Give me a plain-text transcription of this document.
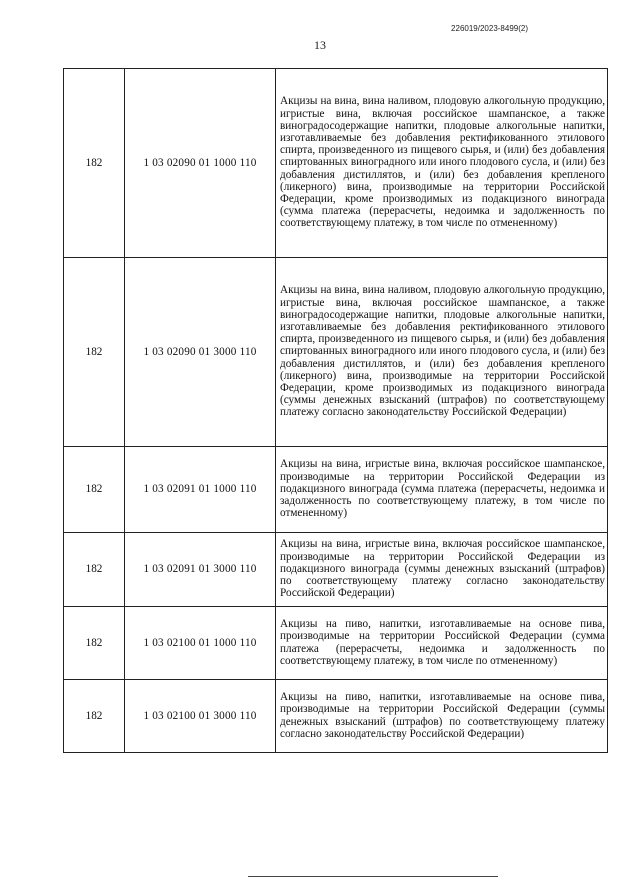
226019/2023-8499(2)
13
182	1 03 02090 01 1000 110	Акцизы на вина, вина наливом, плодовую алкогольную продукцию, игристые вина, включая российское шампанское, а также виноградосодержащие напитки, плодовые алкогольные напитки, изготавливаемые без добавления ректификованного этилового спирта, произведенного из пищевого сырья, и (или) без добавления спиртованных виноградного или иного плодового сусла, и (или) без добавления дистиллятов, и (или) без добавления крепленого (ликерного) вина, производимые на территории Российской Федерации, кроме производимых из подакцизного винограда (сумма платежа (перерасчеты, недоимка и задолженность по соответствующему платежу, в том числе по отмененному)
182	1 03 02090 01 3000 110	Акцизы на вина, вина наливом, плодовую алкогольную продукцию, игристые вина, включая российское шампанское, а также виноградосодержащие напитки, плодовые алкогольные напитки, изготавливаемые без добавления ректификованного этилового спирта, произведенного из пищевого сырья, и (или) без добавления спиртованных виноградного или иного плодового сусла, и (или) без добавления дистиллятов, и (или) без добавления крепленого (ликерного) вина, производимые на территории Российской Федерации, кроме производимых из подакцизного винограда (суммы денежных взысканий (штрафов) по соответствующему платежу согласно законодательству Российской Федерации)
182	1 03 02091 01 1000 110	Акцизы на вина, игристые вина, включая российское шампанское, производимые на территории Российской Федерации из подакцизного винограда (сумма платежа (перерасчеты, недоимка и задолженность по соответствующему платежу, в том числе по отмененному)
182	1 03 02091 01 3000 110	Акцизы на вина, игристые вина, включая российское шампанское, производимые на территории Российской Федерации из подакцизного винограда (суммы денежных взысканий (штрафов) по соответствующему платежу согласно законодательству Российской Федерации)
182	1 03 02100 01 1000 110	Акцизы на пиво, напитки, изготавливаемые на основе пива, производимые на территории Российской Федерации (сумма платежа (перерасчеты, недоимка и задолженность по соответствующему платежу, в том числе по отмененному)
182	1 03 02100 01 3000 110	Акцизы на пиво, напитки, изготавливаемые на основе пива, производимые на территории Российской Федерации (суммы денежных взысканий (штрафов) по соответствующему платежу согласно законодательству Российской Федерации)
